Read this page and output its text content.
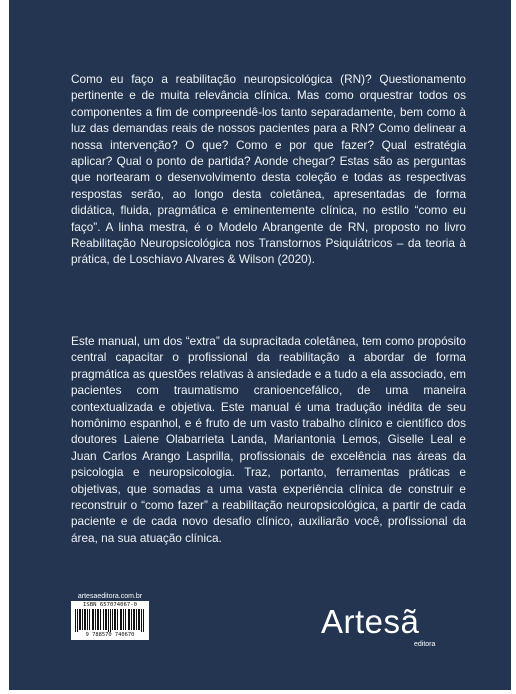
Como eu faço a reabilitação neuropsicológica (RN)? Questionamento pertinente e de muita relevância clínica. Mas como orquestrar todos os componentes a fim de compreendê-los tanto separadamente, bem como à luz das demandas reais de nossos pacientes para a RN? Como delinear a nossa intervenção? O que? Como e por que fazer? Qual estratégia aplicar? Qual o ponto de partida? Aonde chegar? Estas são as perguntas que nortearam o desenvolvimento desta coleção e todas as respectivas respostas serão, ao longo desta coletânea, apresentadas de forma didática, fluida, pragmática e eminentemente clínica, no estilo “como eu faço”. A linha mestra, é o Modelo Abrangente de RN, proposto no livro Reabilitação Neuropsicológica nos Transtornos Psiquiátricos – da teoria à prática, de Loschiavo Alvares & Wilson (2020).

Este manual, um dos “extra” da supracitada coletânea, tem como propósito central capacitar o profissional da reabilitação a abordar de forma pragmática as questões relativas à ansiedade e a tudo a ela associado, em pacientes com traumatismo cranioencefálico, de uma maneira contextualizada e objetiva. Este manual é uma tradução inédita de seu homônimo espanhol, e é fruto de um vasto trabalho clínico e científico dos doutores Laiene Olabarrieta Landa, Mariantonia Lemos, Giselle Leal e Juan Carlos Arango Lasprilla, profissionais de excelência nas áreas da psicologia e neuropsicologia. Traz, portanto, ferramentas práticas e objetivas, que somadas a uma vasta experiência clínica de construir e reconstruir o “como fazer” a reabilitação neuropsicológica, a partir de cada paciente e de cada novo desafio clínico, auxiliarão você, profissional da área, na sua atuação clínica.

artesaeditora.com.br
ISBN 657074067-0
9 788570 740670	Artesã
editora
